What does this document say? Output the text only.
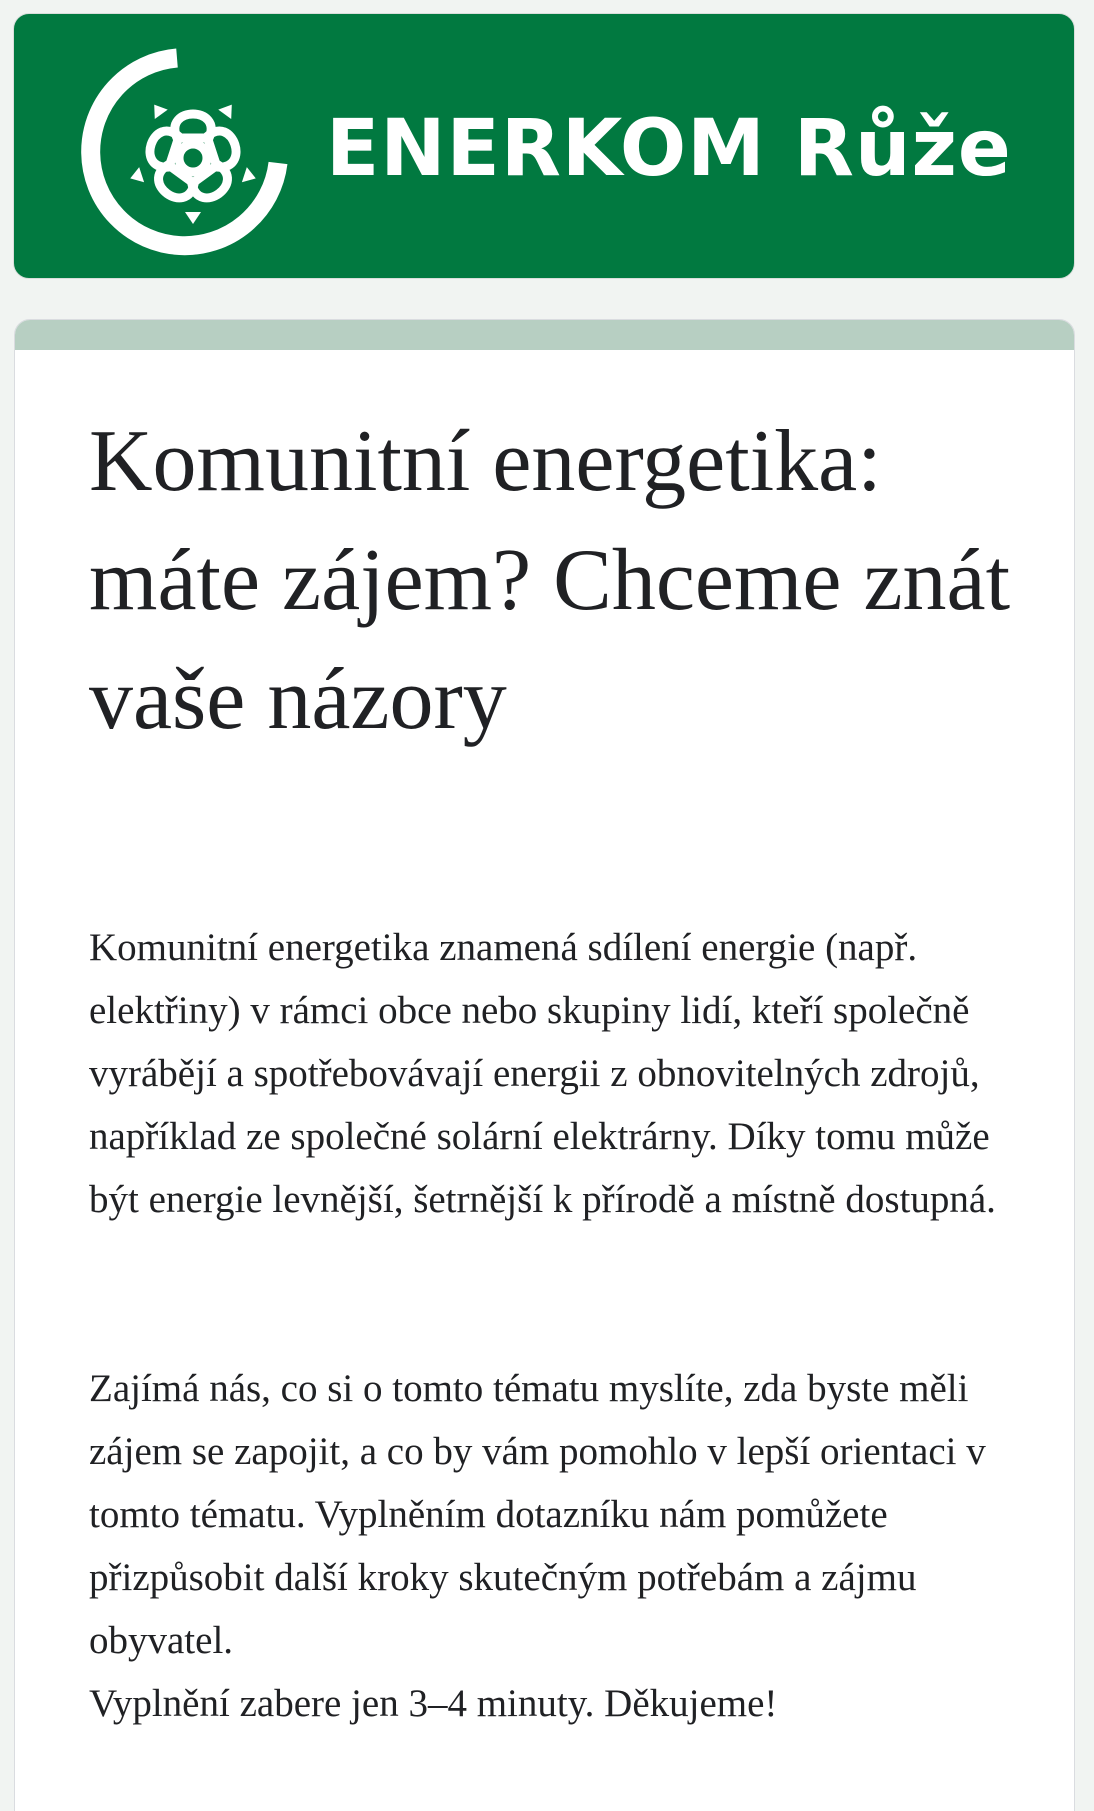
ENERKOM Růže
Komunitní energetika: máte zájem? Chceme znát vaše názory

Komunitní energetika znamená sdílení energie (např. elektřiny) v rámci obce nebo skupiny lidí, kteří společně vyrábějí a spotřebovávají energii z obnovitelných zdrojů, například ze společné solární elektrárny. Díky tomu může být energie levnější, šetrnější k přírodě a místně dostupná.

Zajímá nás, co si o tomto tématu myslíte, zda byste měli zájem se zapojit, a co by vám pomohlo v lepší orientaci v tomto tématu. Vyplněním dotazníku nám pomůžete přizpůsobit další kroky skutečným potřebám a zájmu obyvatel.

Vyplnění zabere jen 3–4 minuty. Děkujeme!
